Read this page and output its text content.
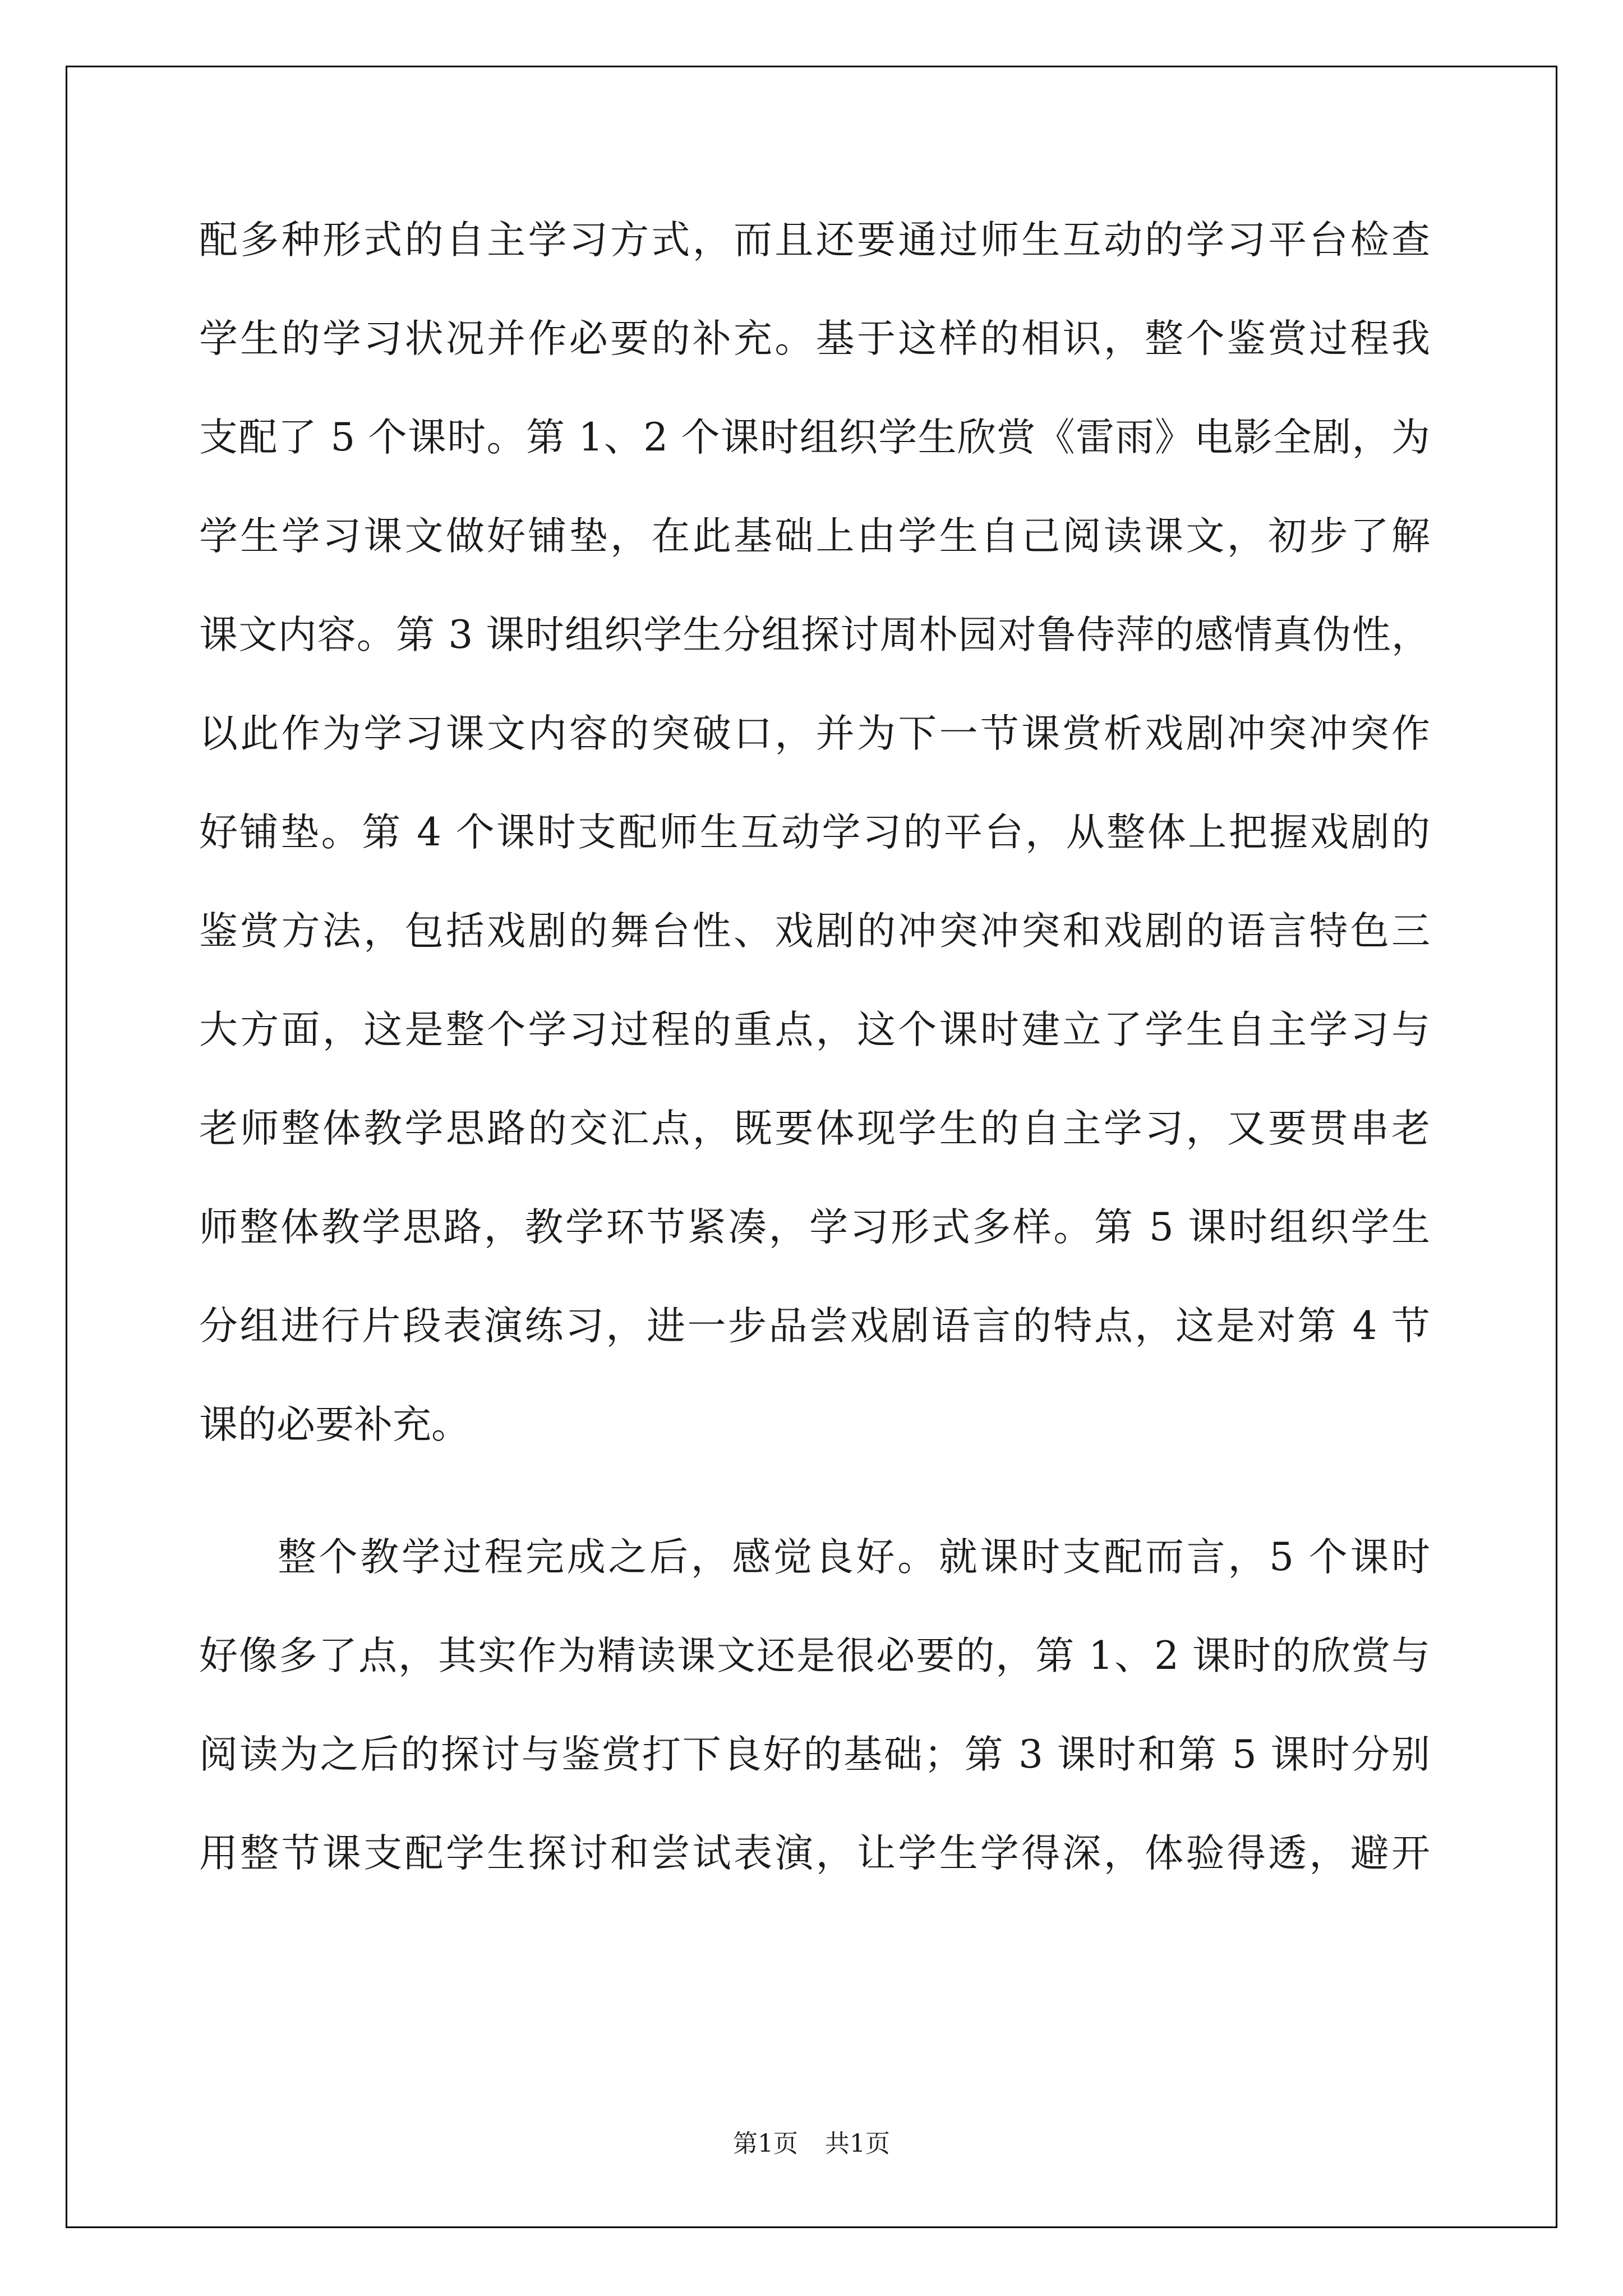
配多种形式的自主学习方式，而且还要通过师生互动的学习平台检查
学生的学习状况并作必要的补充。基于这样的相识，整个鉴赏过程我
支配了 5 个课时。第 1、2 个课时组织学生欣赏《雷雨》电影全剧，为
学生学习课文做好铺垫，在此基础上由学生自己阅读课文，初步了解
课文内容。第 3 课时组织学生分组探讨周朴园对鲁侍萍的感情真伪性，
以此作为学习课文内容的突破口，并为下一节课赏析戏剧冲突冲突作
好铺垫。第 4 个课时支配师生互动学习的平台，从整体上把握戏剧的
鉴赏方法，包括戏剧的舞台性、戏剧的冲突冲突和戏剧的语言特色三
大方面，这是整个学习过程的重点，这个课时建立了学生自主学习与
老师整体教学思路的交汇点，既要体现学生的自主学习，又要贯串老
师整体教学思路，教学环节紧凑，学习形式多样。第 5 课时组织学生
分组进行片段表演练习，进一步品尝戏剧语言的特点，这是对第 4 节
课的必要补充。
整个教学过程完成之后，感觉良好。就课时支配而言，5 个课时
好像多了点，其实作为精读课文还是很必要的，第 1、2 课时的欣赏与
阅读为之后的探讨与鉴赏打下良好的基础；第 3 课时和第 5 课时分别
用整节课支配学生探讨和尝试表演，让学生学得深，体验得透，避开
第1页 共1页
